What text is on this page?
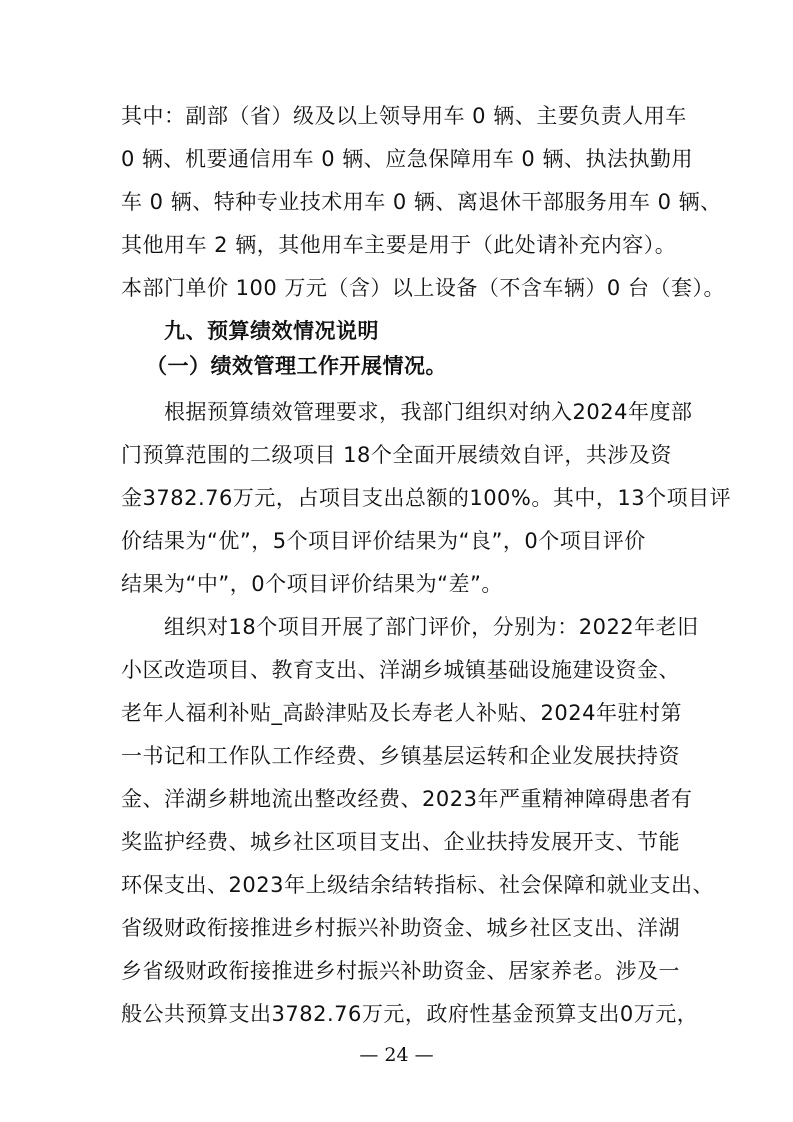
其中：副部（省）级及以上领导用车 0 辆、主要负责人用车
0 辆、机要通信用车 0 辆、应急保障用车 0 辆、执法执勤用
车 0 辆、特种专业技术用车 0 辆、离退休干部服务用车 0 辆、
其他用车 2 辆，其他用车主要是用于（此处请补充内容）。
本部门单价 100 万元（含）以上设备（不含车辆）0 台（套）。
九、预算绩效情况说明
（一）绩效管理工作开展情况。
根据预算绩效管理要求，我部门组织对纳入2024年度部
门预算范围的二级项目 18个全面开展绩效自评，共涉及资
金3782.76万元，占项目支出总额的100%。其中，13个项目评
价结果为“优”，5个项目评价结果为“良”，0个项目评价
结果为“中”，0个项目评价结果为“差”。
组织对18个项目开展了部门评价，分别为：2022年老旧
小区改造项目、教育支出、洋湖乡城镇基础设施建设资金、
老年人福利补贴_高龄津贴及长寿老人补贴、2024年驻村第
一书记和工作队工作经费、乡镇基层运转和企业发展扶持资
金、洋湖乡耕地流出整改经费、2023年严重精神障碍患者有
奖监护经费、城乡社区项目支出、企业扶持发展开支、节能
环保支出、2023年上级结余结转指标、社会保障和就业支出、
省级财政衔接推进乡村振兴补助资金、城乡社区支出、洋湖
乡省级财政衔接推进乡村振兴补助资金、居家养老。涉及一
般公共预算支出3782.76万元，政府性基金预算支出0万元，
— 24 —
